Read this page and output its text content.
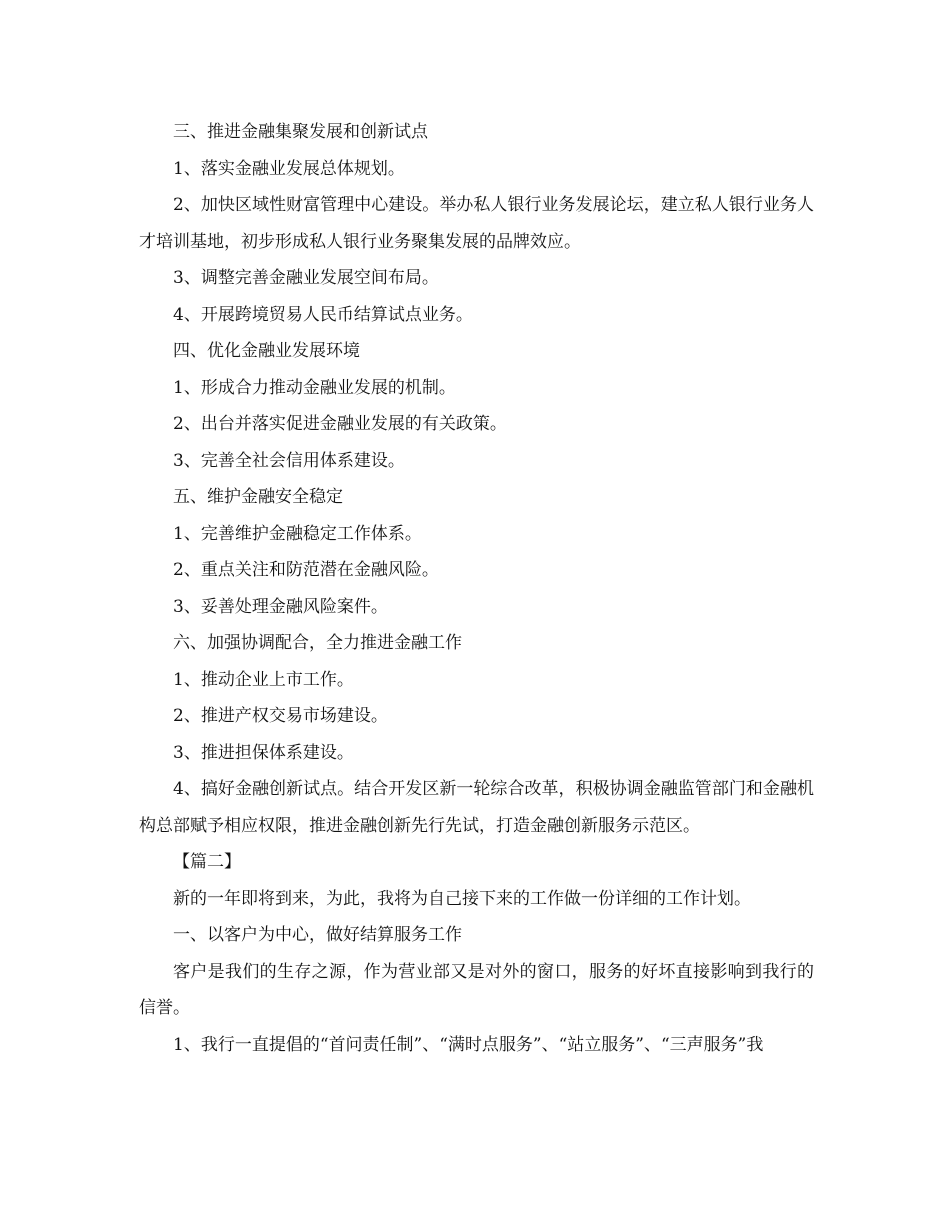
三、推进金融集聚发展和创新试点

1、落实金融业发展总体规划。

2、加快区域性财富管理中心建设。举办私人银行业务发展论坛，建立私人银行业务人才培训基地，初步形成私人银行业务聚集发展的品牌效应。

3、调整完善金融业发展空间布局。

4、开展跨境贸易人民币结算试点业务。

四、优化金融业发展环境

1、形成合力推动金融业发展的机制。

2、出台并落实促进金融业发展的有关政策。

3、完善全社会信用体系建设。

五、维护金融安全稳定

1、完善维护金融稳定工作体系。

2、重点关注和防范潜在金融风险。

3、妥善处理金融风险案件。

六、加强协调配合，全力推进金融工作

1、推动企业上市工作。

2、推进产权交易市场建设。

3、推进担保体系建设。

4、搞好金融创新试点。结合开发区新一轮综合改革，积极协调金融监管部门和金融机构总部赋予相应权限，推进金融创新先行先试，打造金融创新服务示范区。

【篇二】

新的一年即将到来，为此，我将为自己接下来的工作做一份详细的工作计划。

一、以客户为中心，做好结算服务工作

客户是我们的生存之源，作为营业部又是对外的窗口，服务的好坏直接影响到我行的信誉。

1、我行一直提倡的“首问责任制”、“满时点服务”、“站立服务”、“三声服务”我
